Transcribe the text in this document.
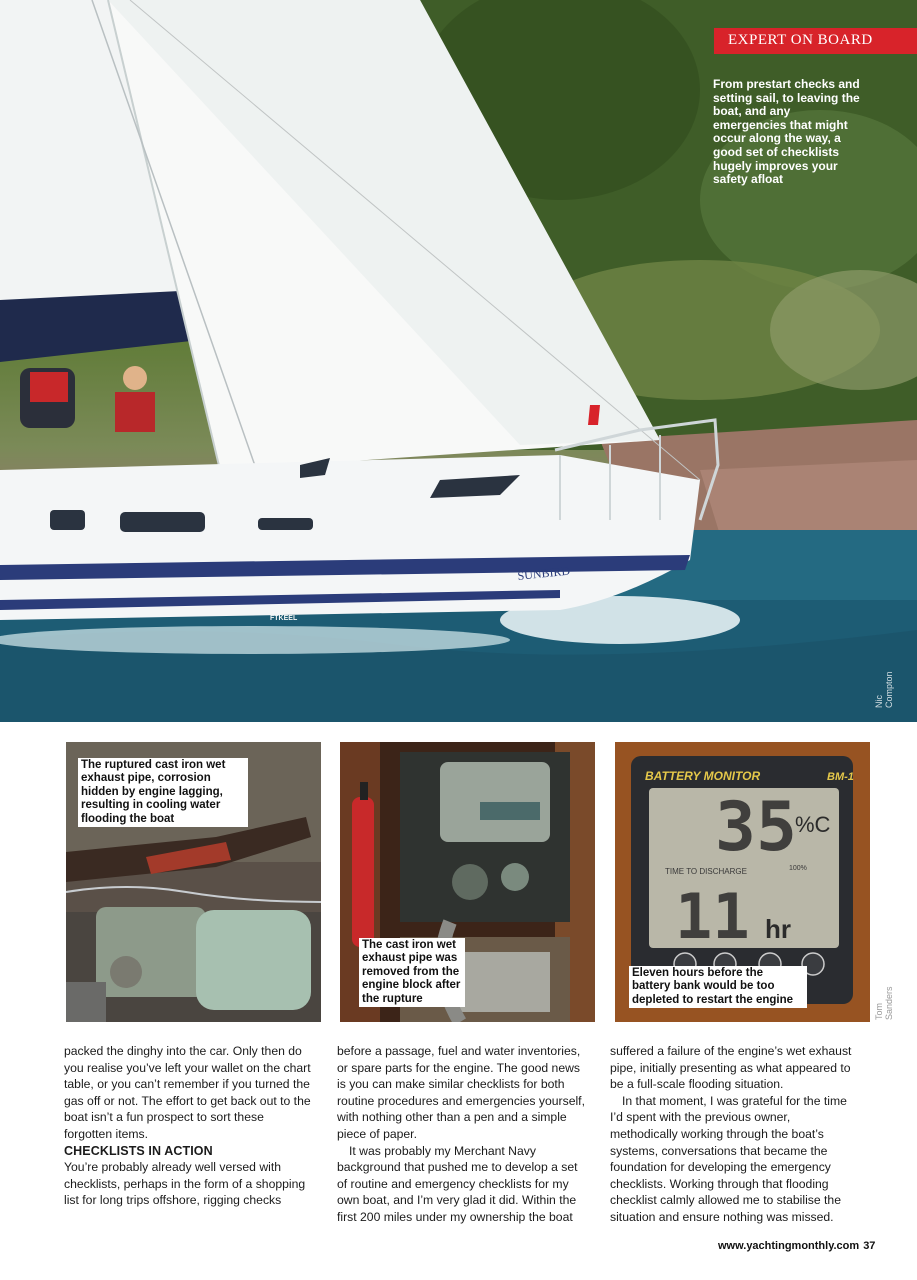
SUNBIRD
FTKEEL
EXPERT ON BOARD
From prestart checks and setting sail, to leaving the boat, and any emergencies that might occur along the way, a good set of checklists hugely improves your safety afloat
Nic Compton
The ruptured cast iron wet exhaust pipe, corrosion hidden by engine lagging, resulting in cooling water flooding the boat
The cast iron wet exhaust pipe was removed from the engine block after the rupture
BATTERY MONITOR	BM-1
35
%C
TIME TO DISCHARGE	100%
11 hr
Eleven hours before the battery bank would be too depleted to restart the engine
Tom Sanders

packed the dinghy into the car. Only then do you realise you’ve left your wallet on the chart table, or you can’t remember if you turned the gas off or not. The effort to get back out to the boat isn’t a fun prospect to sort these forgotten items.

CHECKLISTS IN ACTION

You’re probably already well versed with checklists, perhaps in the form of a shopping list for long trips offshore, rigging checks

before a passage, fuel and water inventories, or spare parts for the engine. The good news is you can make similar checklists for both routine procedures and emergencies yourself, with nothing other than a pen and a simple piece of paper.

It was probably my Merchant Navy background that pushed me to develop a set of routine and emergency checklists for my own boat, and I’m very glad it did. Within the first 200 miles under my ownership the boat

suffered a failure of the engine’s wet exhaust pipe, initially presenting as what appeared to be a full-scale flooding situation.

In that moment, I was grateful for the time I’d spent with the previous owner, methodically working through the boat’s systems, conversations that became the foundation for developing the emergency checklists. Working through that flooding checklist calmly allowed me to stabilise the situation and ensure nothing was missed.

www.yachtingmonthly.com 37
